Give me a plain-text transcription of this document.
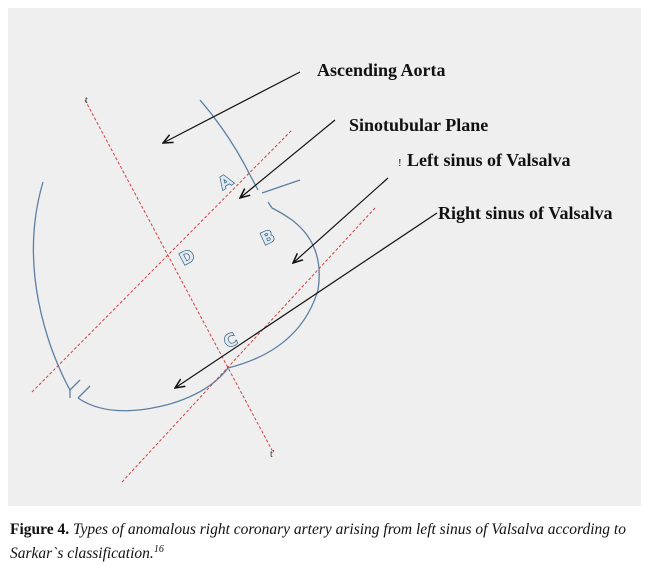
t
t'
Ascending Aorta
Sinotubular Plane
! Left sinus of Valsalva
Right sinus of Valsalva
A
B
C
D
Figure 4. Types of anomalous right coronary artery arising from left sinus of Valsalva according to Sarkar`s classification.$^{16}$
